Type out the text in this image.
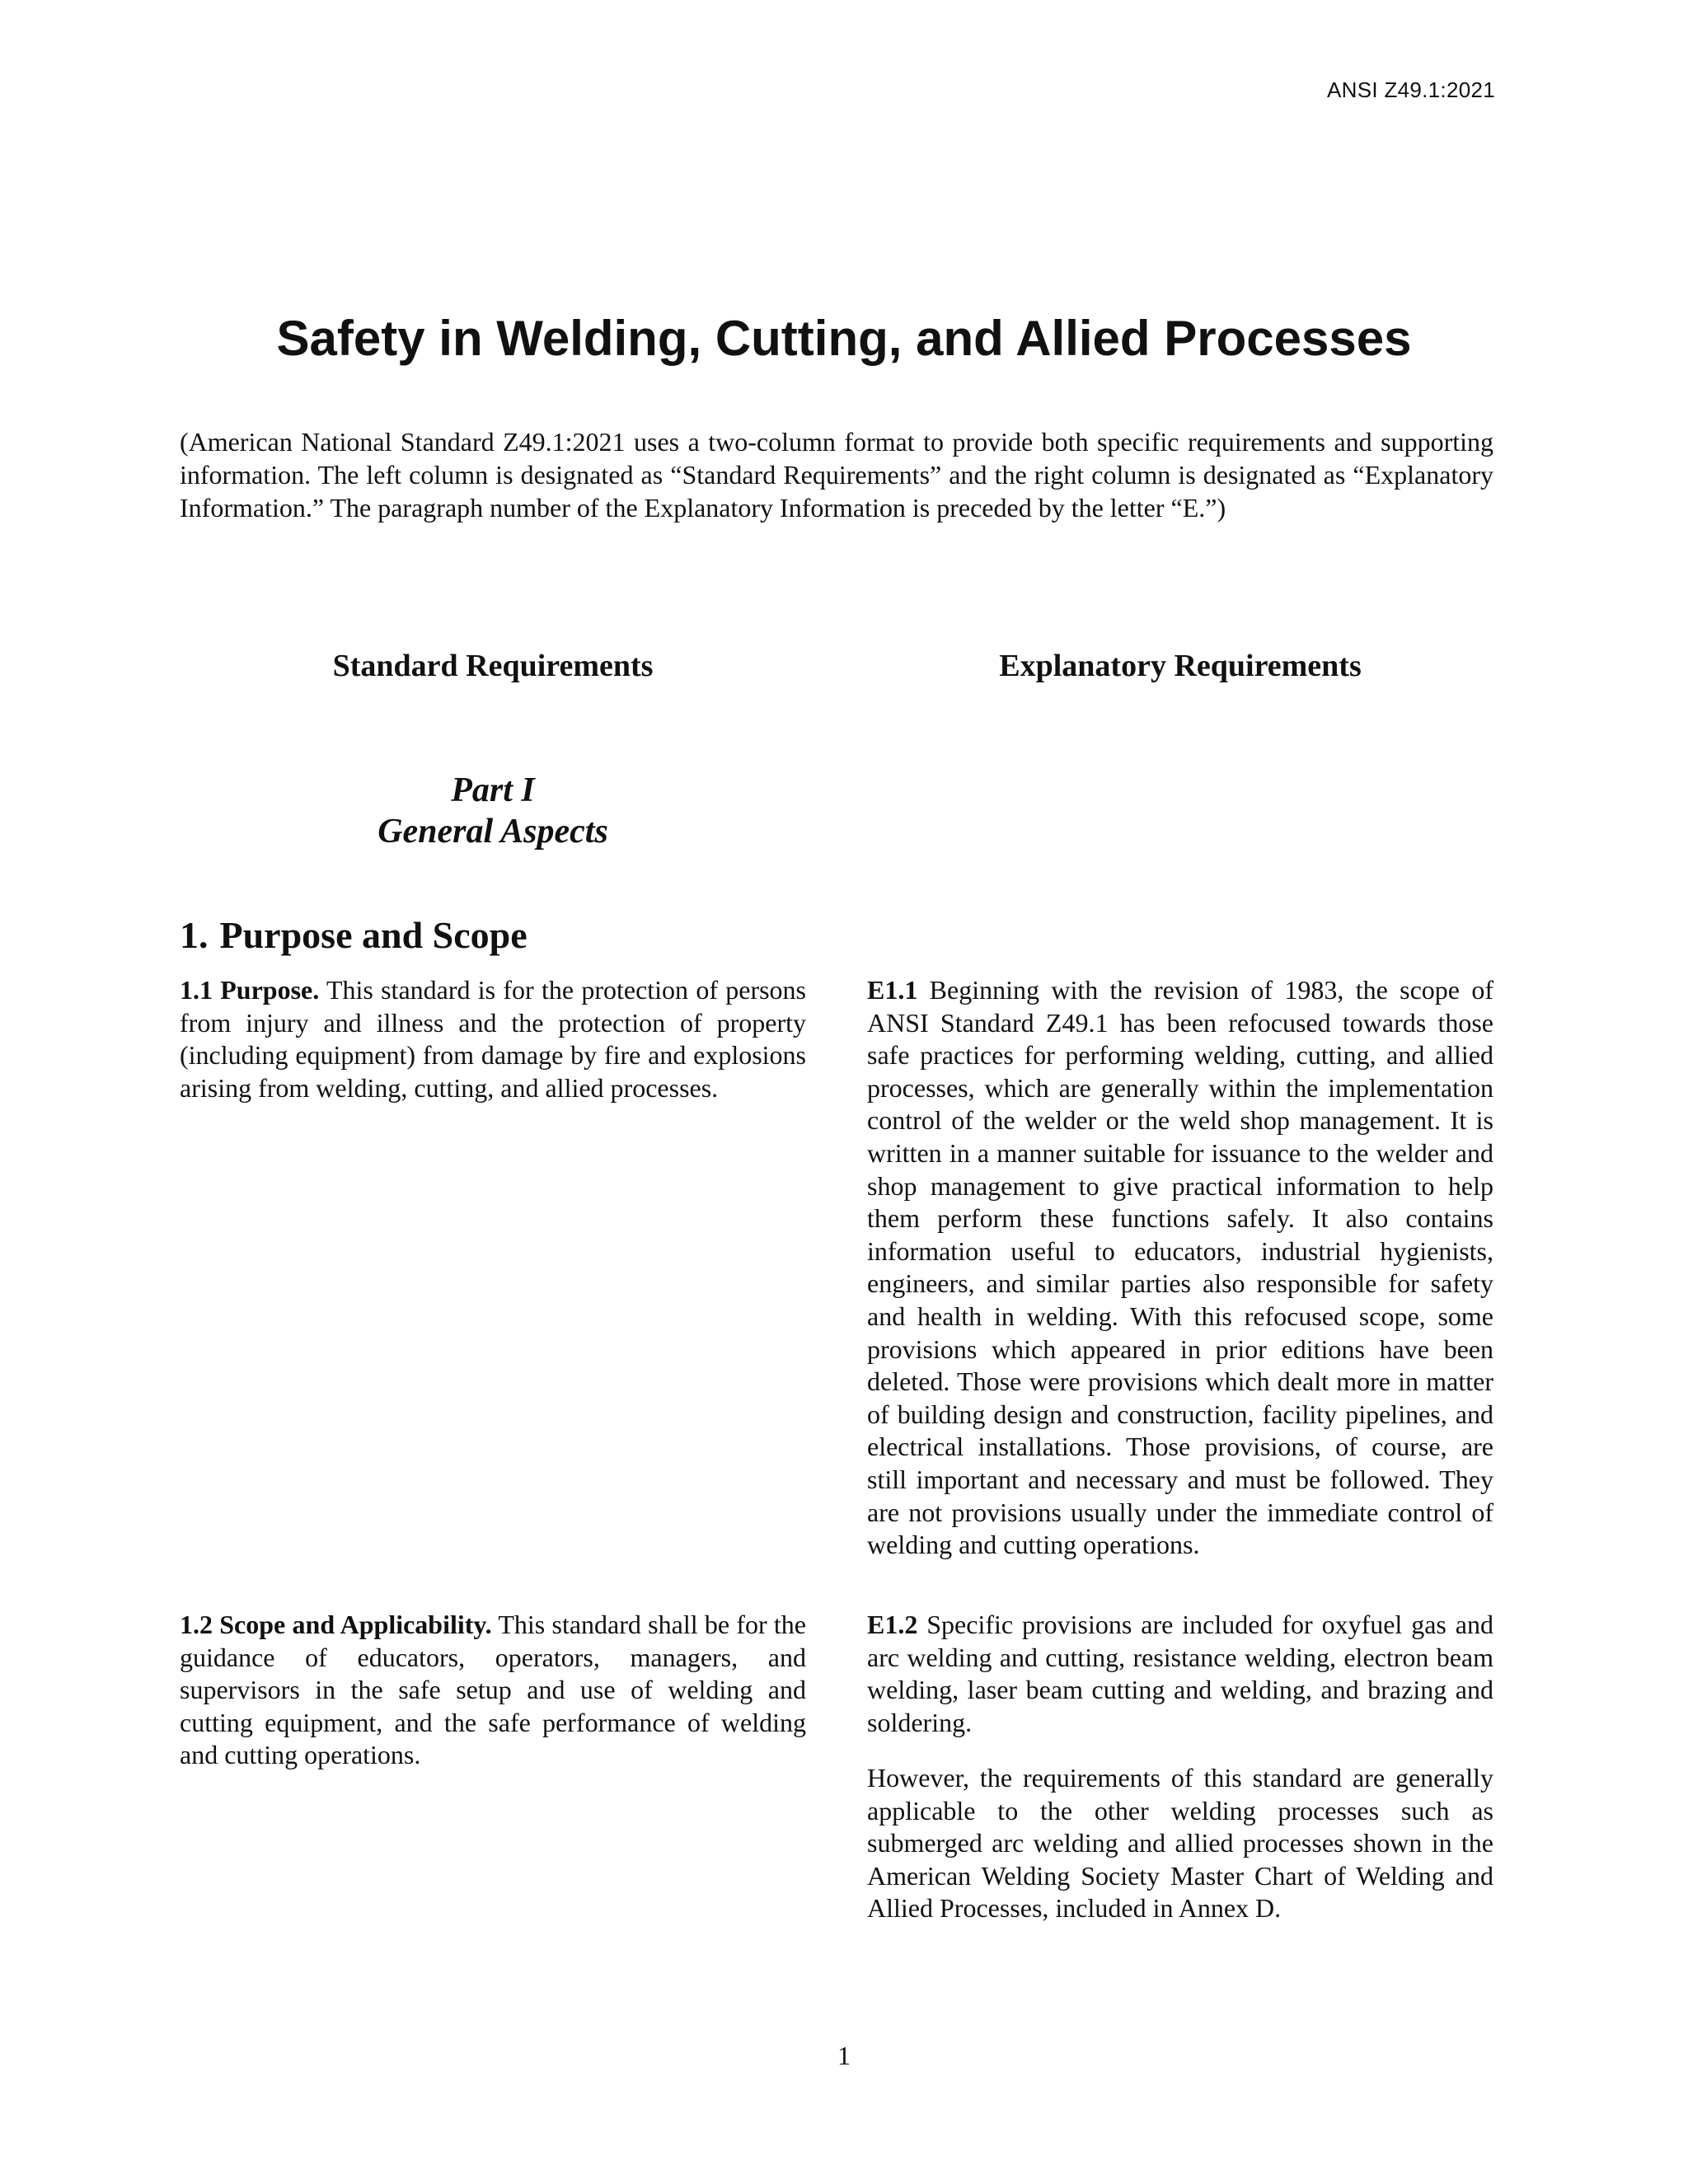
ANSI Z49.1:2021
Safety in Welding, Cutting, and Allied Processes

(American National Standard Z49.1:2021 uses a two-column format to provide both specific requirements and supporting information. The left column is designated as “Standard Requirements” and the right column is designated as “Explanatory Information.” The paragraph number of the Explanatory Information is preceded by the letter “E.”)

Standard Requirements	Explanatory Requirements
Part I
General Aspects
1. Purpose and Scope

1.1 Purpose. This standard is for the protection of persons from injury and illness and the protection of property (including equipment) from damage by fire and explosions arising from welding, cutting, and allied processes.

E1.1 Beginning with the revision of 1983, the scope of ANSI Standard Z49.1 has been refocused towards those safe practices for performing welding, cutting, and allied processes, which are generally within the implementation control of the welder or the weld shop management. It is written in a manner suitable for issuance to the welder and shop management to give practical information to help them perform these functions safely. It also contains information useful to educators, industrial hygienists, engineers, and similar parties also responsible for safety and health in welding. With this refocused scope, some provisions which appeared in prior editions have been deleted. Those were provisions which dealt more in matter of building design and construction, facility pipelines, and electrical installations. Those provisions, of course, are still important and necessary and must be followed. They are not provisions usually under the immediate control of welding and cutting operations.

1.2 Scope and Applicability. This standard shall be for the guidance of educators, operators, managers, and supervisors in the safe setup and use of welding and cutting equipment, and the safe performance of welding and cutting operations.

E1.2 Specific provisions are included for oxyfuel gas and arc welding and cutting, resistance welding, electron beam welding, laser beam cutting and welding, and brazing and soldering.

However, the requirements of this standard are generally applicable to the other welding processes such as submerged arc welding and allied processes shown in the American Welding Society Master Chart of Welding and Allied Processes, included in Annex D.

1
